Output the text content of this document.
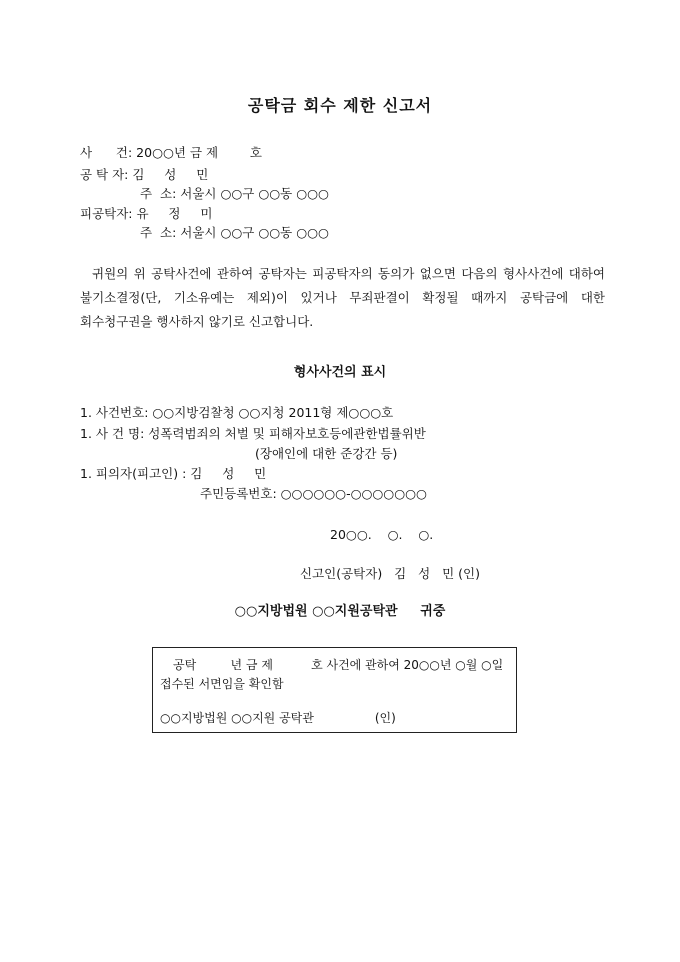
공탁금 회수 제한 신고서
사      건: 20○○년 금 제        호
공 탁 자: 김     성     민
주  소: 서울시 ○○구 ○○동 ○○○
피공탁자: 유     정     미
주  소: 서울시 ○○구 ○○동 ○○○
귀원의 위 공탁사건에 관하여 공탁자는 피공탁자의 동의가 없으면 다음의 형사사건에 대하여 불기소결정(단, 기소유예는 제외)이 있거나 무죄판결이 확정될 때까지 공탁금에 대한 회수청구권을 행사하지 않기로 신고합니다.
형사사건의 표시
1. 사건번호: ○○지방검찰청 ○○지청 2011형 제○○○호
1. 사 건 명: 성폭력범죄의 처벌 및 피해자보호등에관한법률위반
(장애인에 대한 준강간 등)
1. 피의자(피고인) : 김     성     민
주민등록번호: ○○○○○○-○○○○○○○
20○○.    ○.    ○.
신고인(공탁자)   김   성   민 (인)
○○지방법원 ○○지원공탁관     귀중
공탁         년 금 제          호 사건에 관하여 20○○년 ○월 ○일
접수된 서면임을 확인함
○○지방법원 ○○지원 공탁관                (인)
